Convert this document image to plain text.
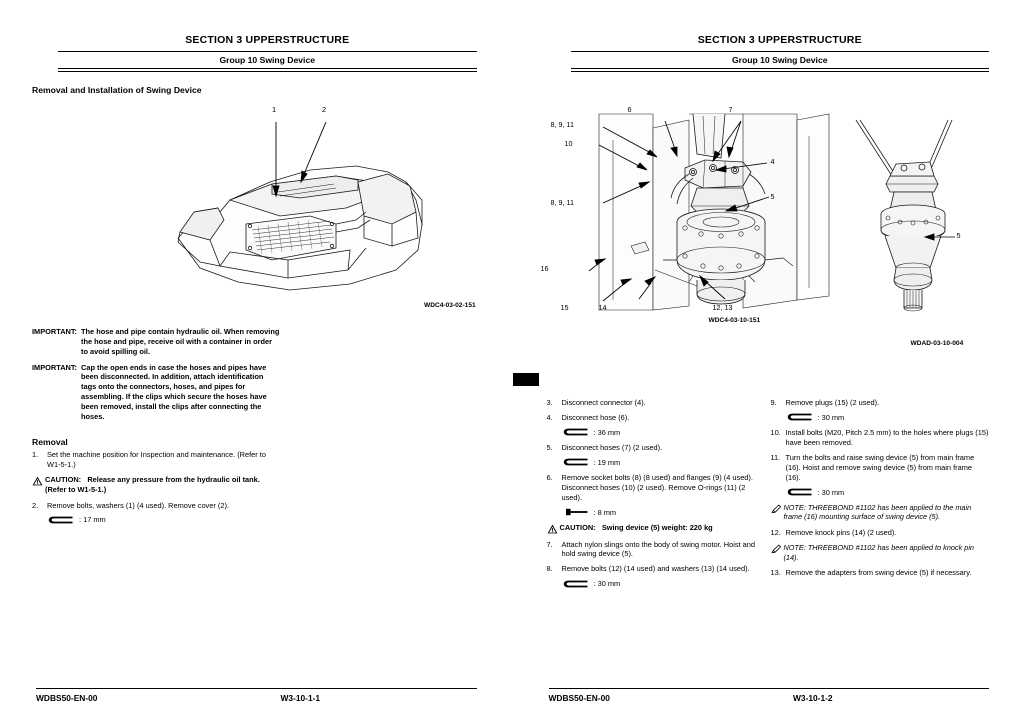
SECTION 3 UPPERSTRUCTURE
Group 10 Swing Device
Removal and Installation of Swing Device
1	2
WDC4-03-02-151
IMPORTANT: The hose and pipe contain hydraulic oil. When removing the hose and pipe, receive oil with a container in order to avoid spilling oil.
IMPORTANT: Cap the open ends in case the hoses and pipes have been disconnected. In addition, attach identification tags onto the connectors, hoses, and pipes for assembling. If the clips which secure the hoses have been removed, install the clips after connecting the hoses.
Removal
1.	Set the machine position for Inspection and maintenance. (Refer to W1-5-1.)
CAUTION: Release any pressure from the hydraulic oil tank. (Refer to W1-5-1.)
2.	Remove bolts, washers (1) (4 used). Remove cover (2).
: 17 mm
WDBS50-EN-00	W3-10-1-1
SECTION 3 UPPERSTRUCTURE
Group 10 Swing Device
8, 9, 11
10
6	7
4
5
8, 9, 11
16
15	14	12, 13
WDC4-03-10-151
5
WDAD-03-10-004
3.	Disconnect connector (4).
4.	Disconnect hose (6).
: 36 mm
5.	Disconnect hoses (7) (2 used).
: 19 mm
6.	Remove socket bolts (8) (8 used) and flanges (9) (4 used). Disconnect hoses (10) (2 used). Remove O-rings (11) (2 used).
: 8 mm
CAUTION: Swing device (5) weight: 220 kg
7.	Attach nylon slings onto the body of swing motor. Hoist and hold swing device (5).
8.	Remove bolts (12) (14 used) and washers (13) (14 used).
: 30 mm
9.	Remove plugs (15) (2 used).
: 30 mm
10. Install bolts (M20, Pitch 2.5 mm) to the holes where plugs (15) have been removed.
11. Turn the bolts and raise swing device (5) from main frame (16). Hoist and remove swing device (5) from main frame (16).
: 30 mm
NOTE: THREEBOND #1102 has been applied to the main frame (16) mounting surface of swing device (5).
12. Remove knock pins (14) (2 used).
NOTE: THREEBOND #1102 has been applied to knock pin (14).
13. Remove the adapters from swing device (5) if necessary.
WDBS50-EN-00	W3-10-1-2
